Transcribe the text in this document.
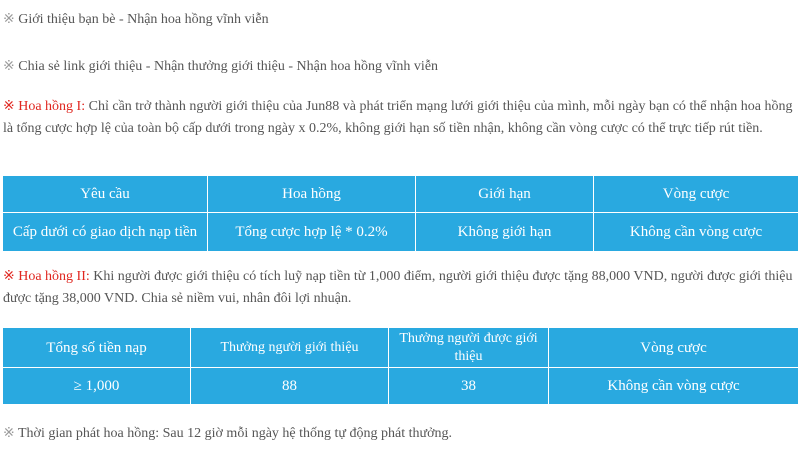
※ Giới thiệu bạn bè - Nhận hoa hồng vĩnh viễn

※ Chia sẻ link giới thiệu - Nhận thưởng giới thiệu - Nhận hoa hồng vĩnh viễn

※ Hoa hồng I: Chỉ cần trở thành người giới thiệu của Jun88 và phát triển mạng lưới giới thiệu của mình, mỗi ngày bạn có thể nhận hoa hồng là tổng cược hợp lệ của toàn bộ cấp dưới trong ngày x 0.2%, không giới hạn số tiền nhận, không cần vòng cược có thể trực tiếp rút tiền.

Yêu cầu	Hoa hồng	Giới hạn	Vòng cược
Cấp dưới có giao dịch nạp tiền	Tổng cược hợp lệ * 0.2%	Không giới hạn	Không cần vòng cược

※ Hoa hồng II: Khi người được giới thiệu có tích luỹ nạp tiền từ 1,000 điểm, người giới thiệu được tặng 88,000 VND, người được giới thiệu được tặng 38,000 VND. Chia sẻ niềm vui, nhân đôi lợi nhuận.

Tổng số tiền nạp	Thưởng người giới thiệu	Thưởng người được giới thiệu	Vòng cược
≥ 1,000	88	38	Không cần vòng cược

※ Thời gian phát hoa hồng: Sau 12 giờ mỗi ngày hệ thống tự động phát thưởng.
